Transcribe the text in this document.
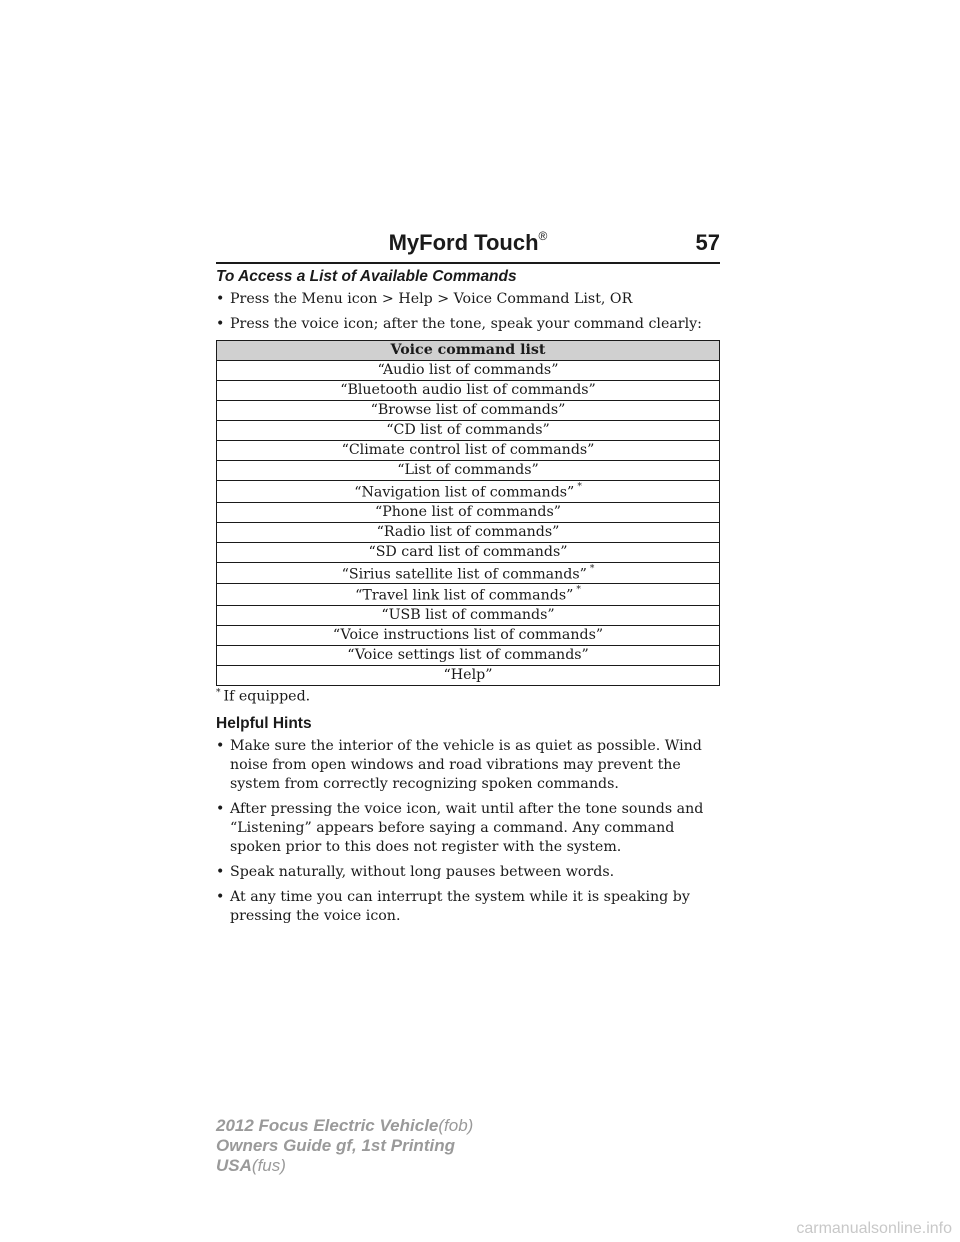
MyFord Touch®	57
To Access a List of Available Commands
• Press the Menu icon > Help > Voice Command List, OR
• Press the voice icon; after the tone, speak your command clearly:
Voice command list
“Audio list of commands”
“Bluetooth audio list of commands”
“Browse list of commands”
“CD list of commands”
“Climate control list of commands”
“List of commands”
“Navigation list of commands” *
“Phone list of commands”
“Radio list of commands”
“SD card list of commands”
“Sirius satellite list of commands” *
“Travel link list of commands” *
“USB list of commands”
“Voice instructions list of commands”
“Voice settings list of commands”
“Help”
* If equipped.
Helpful Hints
• Make sure the interior of the vehicle is as quiet as possible. Wind noise from open windows and road vibrations may prevent the system from correctly recognizing spoken commands.
• After pressing the voice icon, wait until after the tone sounds and “Listening” appears before saying a command. Any command spoken prior to this does not register with the system.
• Speak naturally, without long pauses between words.
• At any time you can interrupt the system while it is speaking by pressing the voice icon.
2012 Focus Electric Vehicle(fob)
Owners Guide gf, 1st Printing
USA(fus)
carmanualsonline.info
